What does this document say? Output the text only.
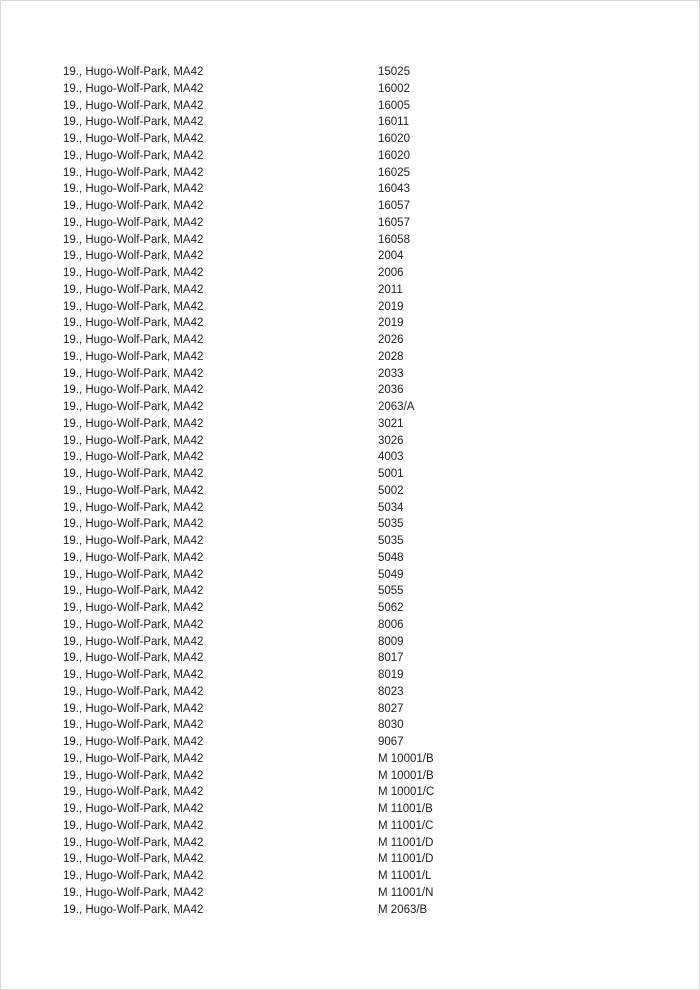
19., Hugo-Wolf-Park, MA42	15025
19., Hugo-Wolf-Park, MA42	16002
19., Hugo-Wolf-Park, MA42	16005
19., Hugo-Wolf-Park, MA42	16011
19., Hugo-Wolf-Park, MA42	16020
19., Hugo-Wolf-Park, MA42	16020
19., Hugo-Wolf-Park, MA42	16025
19., Hugo-Wolf-Park, MA42	16043
19., Hugo-Wolf-Park, MA42	16057
19., Hugo-Wolf-Park, MA42	16057
19., Hugo-Wolf-Park, MA42	16058
19., Hugo-Wolf-Park, MA42	2004
19., Hugo-Wolf-Park, MA42	2006
19., Hugo-Wolf-Park, MA42	2011
19., Hugo-Wolf-Park, MA42	2019
19., Hugo-Wolf-Park, MA42	2019
19., Hugo-Wolf-Park, MA42	2026
19., Hugo-Wolf-Park, MA42	2028
19., Hugo-Wolf-Park, MA42	2033
19., Hugo-Wolf-Park, MA42	2036
19., Hugo-Wolf-Park, MA42	2063/A
19., Hugo-Wolf-Park, MA42	3021
19., Hugo-Wolf-Park, MA42	3026
19., Hugo-Wolf-Park, MA42	4003
19., Hugo-Wolf-Park, MA42	5001
19., Hugo-Wolf-Park, MA42	5002
19., Hugo-Wolf-Park, MA42	5034
19., Hugo-Wolf-Park, MA42	5035
19., Hugo-Wolf-Park, MA42	5035
19., Hugo-Wolf-Park, MA42	5048
19., Hugo-Wolf-Park, MA42	5049
19., Hugo-Wolf-Park, MA42	5055
19., Hugo-Wolf-Park, MA42	5062
19., Hugo-Wolf-Park, MA42	8006
19., Hugo-Wolf-Park, MA42	8009
19., Hugo-Wolf-Park, MA42	8017
19., Hugo-Wolf-Park, MA42	8019
19., Hugo-Wolf-Park, MA42	8023
19., Hugo-Wolf-Park, MA42	8027
19., Hugo-Wolf-Park, MA42	8030
19., Hugo-Wolf-Park, MA42	9067
19., Hugo-Wolf-Park, MA42	M 10001/B
19., Hugo-Wolf-Park, MA42	M 10001/B
19., Hugo-Wolf-Park, MA42	M 10001/C
19., Hugo-Wolf-Park, MA42	M 11001/B
19., Hugo-Wolf-Park, MA42	M 11001/C
19., Hugo-Wolf-Park, MA42	M 11001/D
19., Hugo-Wolf-Park, MA42	M 11001/D
19., Hugo-Wolf-Park, MA42	M 11001/L
19., Hugo-Wolf-Park, MA42	M 11001/N
19., Hugo-Wolf-Park, MA42	M 2063/B
